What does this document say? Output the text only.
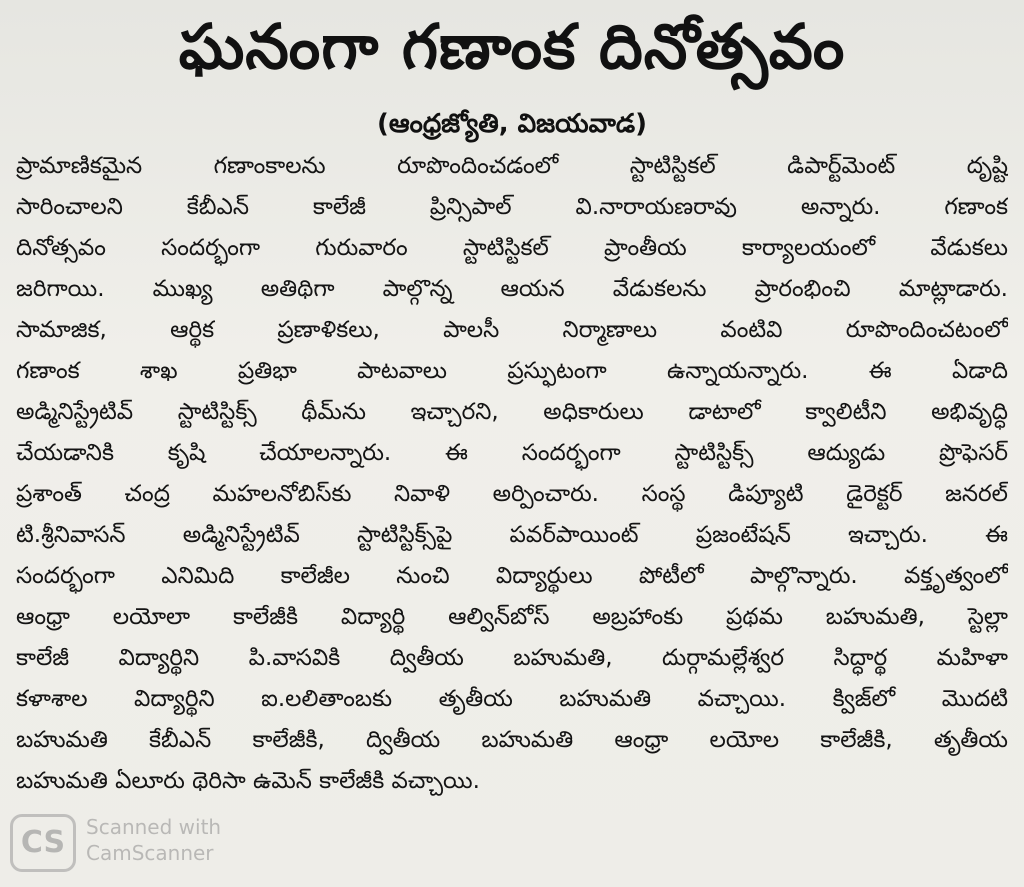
ఘనంగా గణాంక దినోత్సవం
(ఆంధ్రజ్యోతి, విజయవాడ)
ప్రామాణికమైన గణాంకాలను రూపొందించడంలో స్టాటిస్టికల్ డిపార్ట్‌మెంట్ దృష్టి
సారించాలని కేబీఎన్ కాలేజీ ప్రిన్సిపాల్ వి.నారాయణరావు అన్నారు. గణాంక
దినోత్సవం సందర్భంగా గురువారం స్టాటిస్టికల్ ప్రాంతీయ కార్యాలయంలో వేడుకలు
జరిగాయి. ముఖ్య అతిథిగా పాల్గొన్న ఆయన వేడుకలను ప్రారంభించి మాట్లాడారు.
సామాజిక, ఆర్థిక ప్రణాళికలు, పాలసీ నిర్మాణాలు వంటివి రూపొందించటంలో
గణాంక శాఖ ప్రతిభా పాటవాలు ప్రస్ఫుటంగా ఉన్నాయన్నారు. ఈ ఏడాది
అడ్మినిస్ట్రేటివ్ స్టాటిస్టిక్స్ థీమ్‌ను ఇచ్చారని, అధికారులు డాటాలో క్వాలిటీని అభివృద్ధి
చేయడానికి కృషి చేయాలన్నారు. ఈ సందర్భంగా స్టాటిస్టిక్స్ ఆద్యుడు ప్రొఫెసర్
ప్రశాంత్ చంద్ర మహలనోబిస్‌కు నివాళి అర్పించారు. సంస్థ డిప్యూటి డైరెక్టర్ జనరల్
టి.శ్రీనివాసన్ అడ్మినిస్ట్రేటివ్ స్టాటిస్టిక్స్‌పై పవర్‌పాయింట్ ప్రజంటేషన్ ఇచ్చారు. ఈ
సందర్భంగా ఎనిమిది కాలేజీల నుంచి విద్యార్థులు పోటీలో పాల్గొన్నారు. వక్తృత్వంలో
ఆంధ్రా లయోలా కాలేజీకి విద్యార్థి ఆల్విన్‌బోస్ అబ్రహాంకు ప్రథమ బహుమతి, స్టెల్లా
కాలేజీ విద్యార్థిని పి.వాసవికి ద్వితీయ బహుమతి, దుర్గామల్లేశ్వర సిద్ధార్థ మహిళా
కళాశాల విద్యార్థిని ఐ.లలితాంబకు తృతీయ బహుమతి వచ్చాయి. క్విజ్‌లో మొదటి
బహుమతి కేబీఎన్ కాలేజీకి, ద్వితీయ బహుమతి ఆంధ్రా లయోల కాలేజీకి, తృతీయ
బహుమతి ఏలూరు థెరిసా ఉమెన్ కాలేజీకి వచ్చాయి.
CS	Scanned with
CamScanner
